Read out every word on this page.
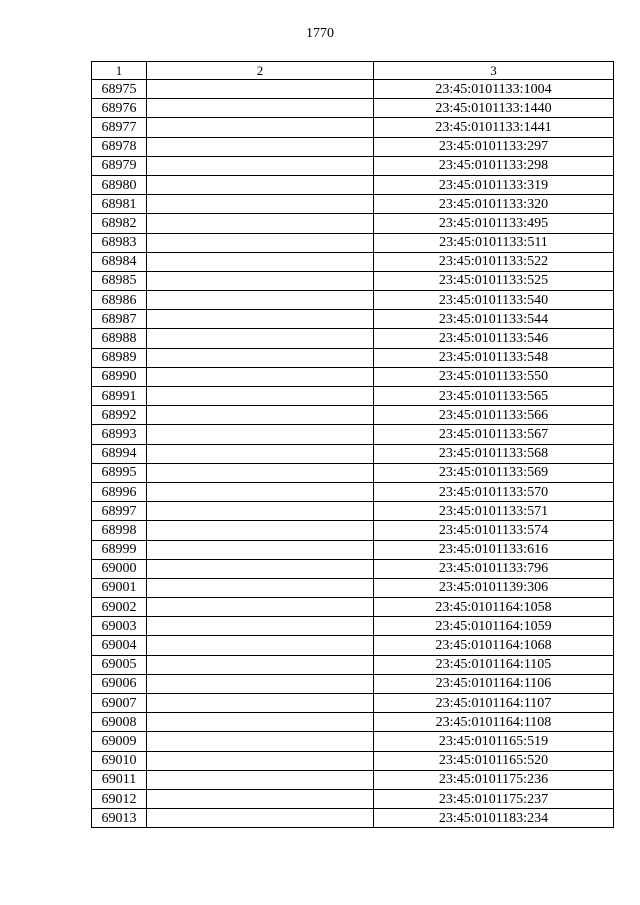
1770
1	2	3
68975		23:45:0101133:1004
68976		23:45:0101133:1440
68977		23:45:0101133:1441
68978		23:45:0101133:297
68979		23:45:0101133:298
68980		23:45:0101133:319
68981		23:45:0101133:320
68982		23:45:0101133:495
68983		23:45:0101133:511
68984		23:45:0101133:522
68985		23:45:0101133:525
68986		23:45:0101133:540
68987		23:45:0101133:544
68988		23:45:0101133:546
68989		23:45:0101133:548
68990		23:45:0101133:550
68991		23:45:0101133:565
68992		23:45:0101133:566
68993		23:45:0101133:567
68994		23:45:0101133:568
68995		23:45:0101133:569
68996		23:45:0101133:570
68997		23:45:0101133:571
68998		23:45:0101133:574
68999		23:45:0101133:616
69000		23:45:0101133:796
69001		23:45:0101139:306
69002		23:45:0101164:1058
69003		23:45:0101164:1059
69004		23:45:0101164:1068
69005		23:45:0101164:1105
69006		23:45:0101164:1106
69007		23:45:0101164:1107
69008		23:45:0101164:1108
69009		23:45:0101165:519
69010		23:45:0101165:520
69011		23:45:0101175:236
69012		23:45:0101175:237
69013		23:45:0101183:234
